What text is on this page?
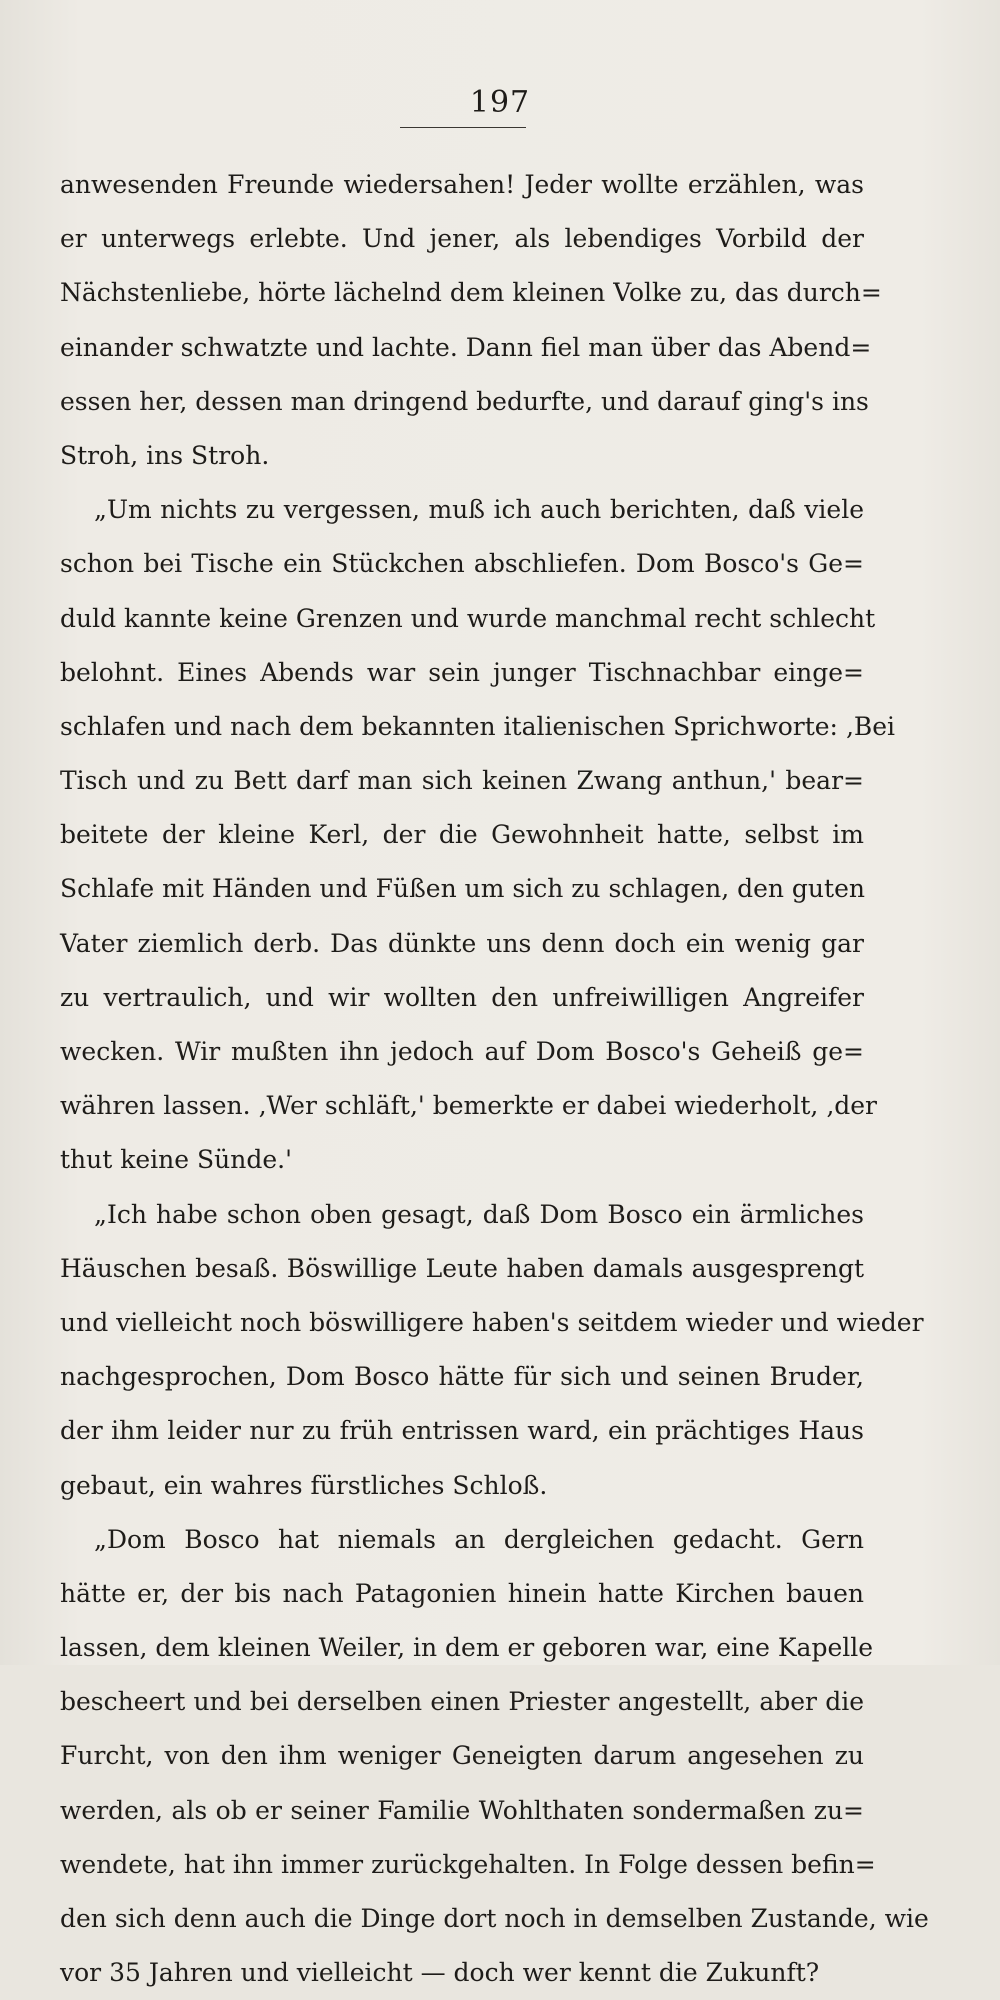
197
anwesenden Freunde wiedersahen! Jeder wollte erzählen, was
er unterwegs erlebte. Und jener, als lebendiges Vorbild der
Nächstenliebe, hörte lächelnd dem kleinen Volke zu, das durch=
einander schwatzte und lachte. Dann fiel man über das Abend=
essen her, dessen man dringend bedurfte, und darauf ging's ins
Stroh, ins Stroh.
„Um nichts zu vergessen, muß ich auch berichten, daß viele
schon bei Tische ein Stückchen abschliefen. Dom Bosco's Ge=
duld kannte keine Grenzen und wurde manchmal recht schlecht
belohnt. Eines Abends war sein junger Tischnachbar einge=
schlafen und nach dem bekannten italienischen Sprichworte: ‚Bei
Tisch und zu Bett darf man sich keinen Zwang anthun,' bear=
beitete der kleine Kerl, der die Gewohnheit hatte, selbst im
Schlafe mit Händen und Füßen um sich zu schlagen, den guten
Vater ziemlich derb. Das dünkte uns denn doch ein wenig gar
zu vertraulich, und wir wollten den unfreiwilligen Angreifer
wecken. Wir mußten ihn jedoch auf Dom Bosco's Geheiß ge=
währen lassen. ‚Wer schläft,' bemerkte er dabei wiederholt, ‚der
thut keine Sünde.'
„Ich habe schon oben gesagt, daß Dom Bosco ein ärmliches
Häuschen besaß. Böswillige Leute haben damals ausgesprengt
und vielleicht noch böswilligere haben's seitdem wieder und wieder
nachgesprochen, Dom Bosco hätte für sich und seinen Bruder,
der ihm leider nur zu früh entrissen ward, ein prächtiges Haus
gebaut, ein wahres fürstliches Schloß.
„Dom Bosco hat niemals an dergleichen gedacht. Gern
hätte er, der bis nach Patagonien hinein hatte Kirchen bauen
lassen, dem kleinen Weiler, in dem er geboren war, eine Kapelle
bescheert und bei derselben einen Priester angestellt, aber die
Furcht, von den ihm weniger Geneigten darum angesehen zu
werden, als ob er seiner Familie Wohlthaten sondermaßen zu=
wendete, hat ihn immer zurückgehalten. In Folge dessen befin=
den sich denn auch die Dinge dort noch in demselben Zustande, wie
vor 35 Jahren und vielleicht — doch wer kennt die Zukunft?
